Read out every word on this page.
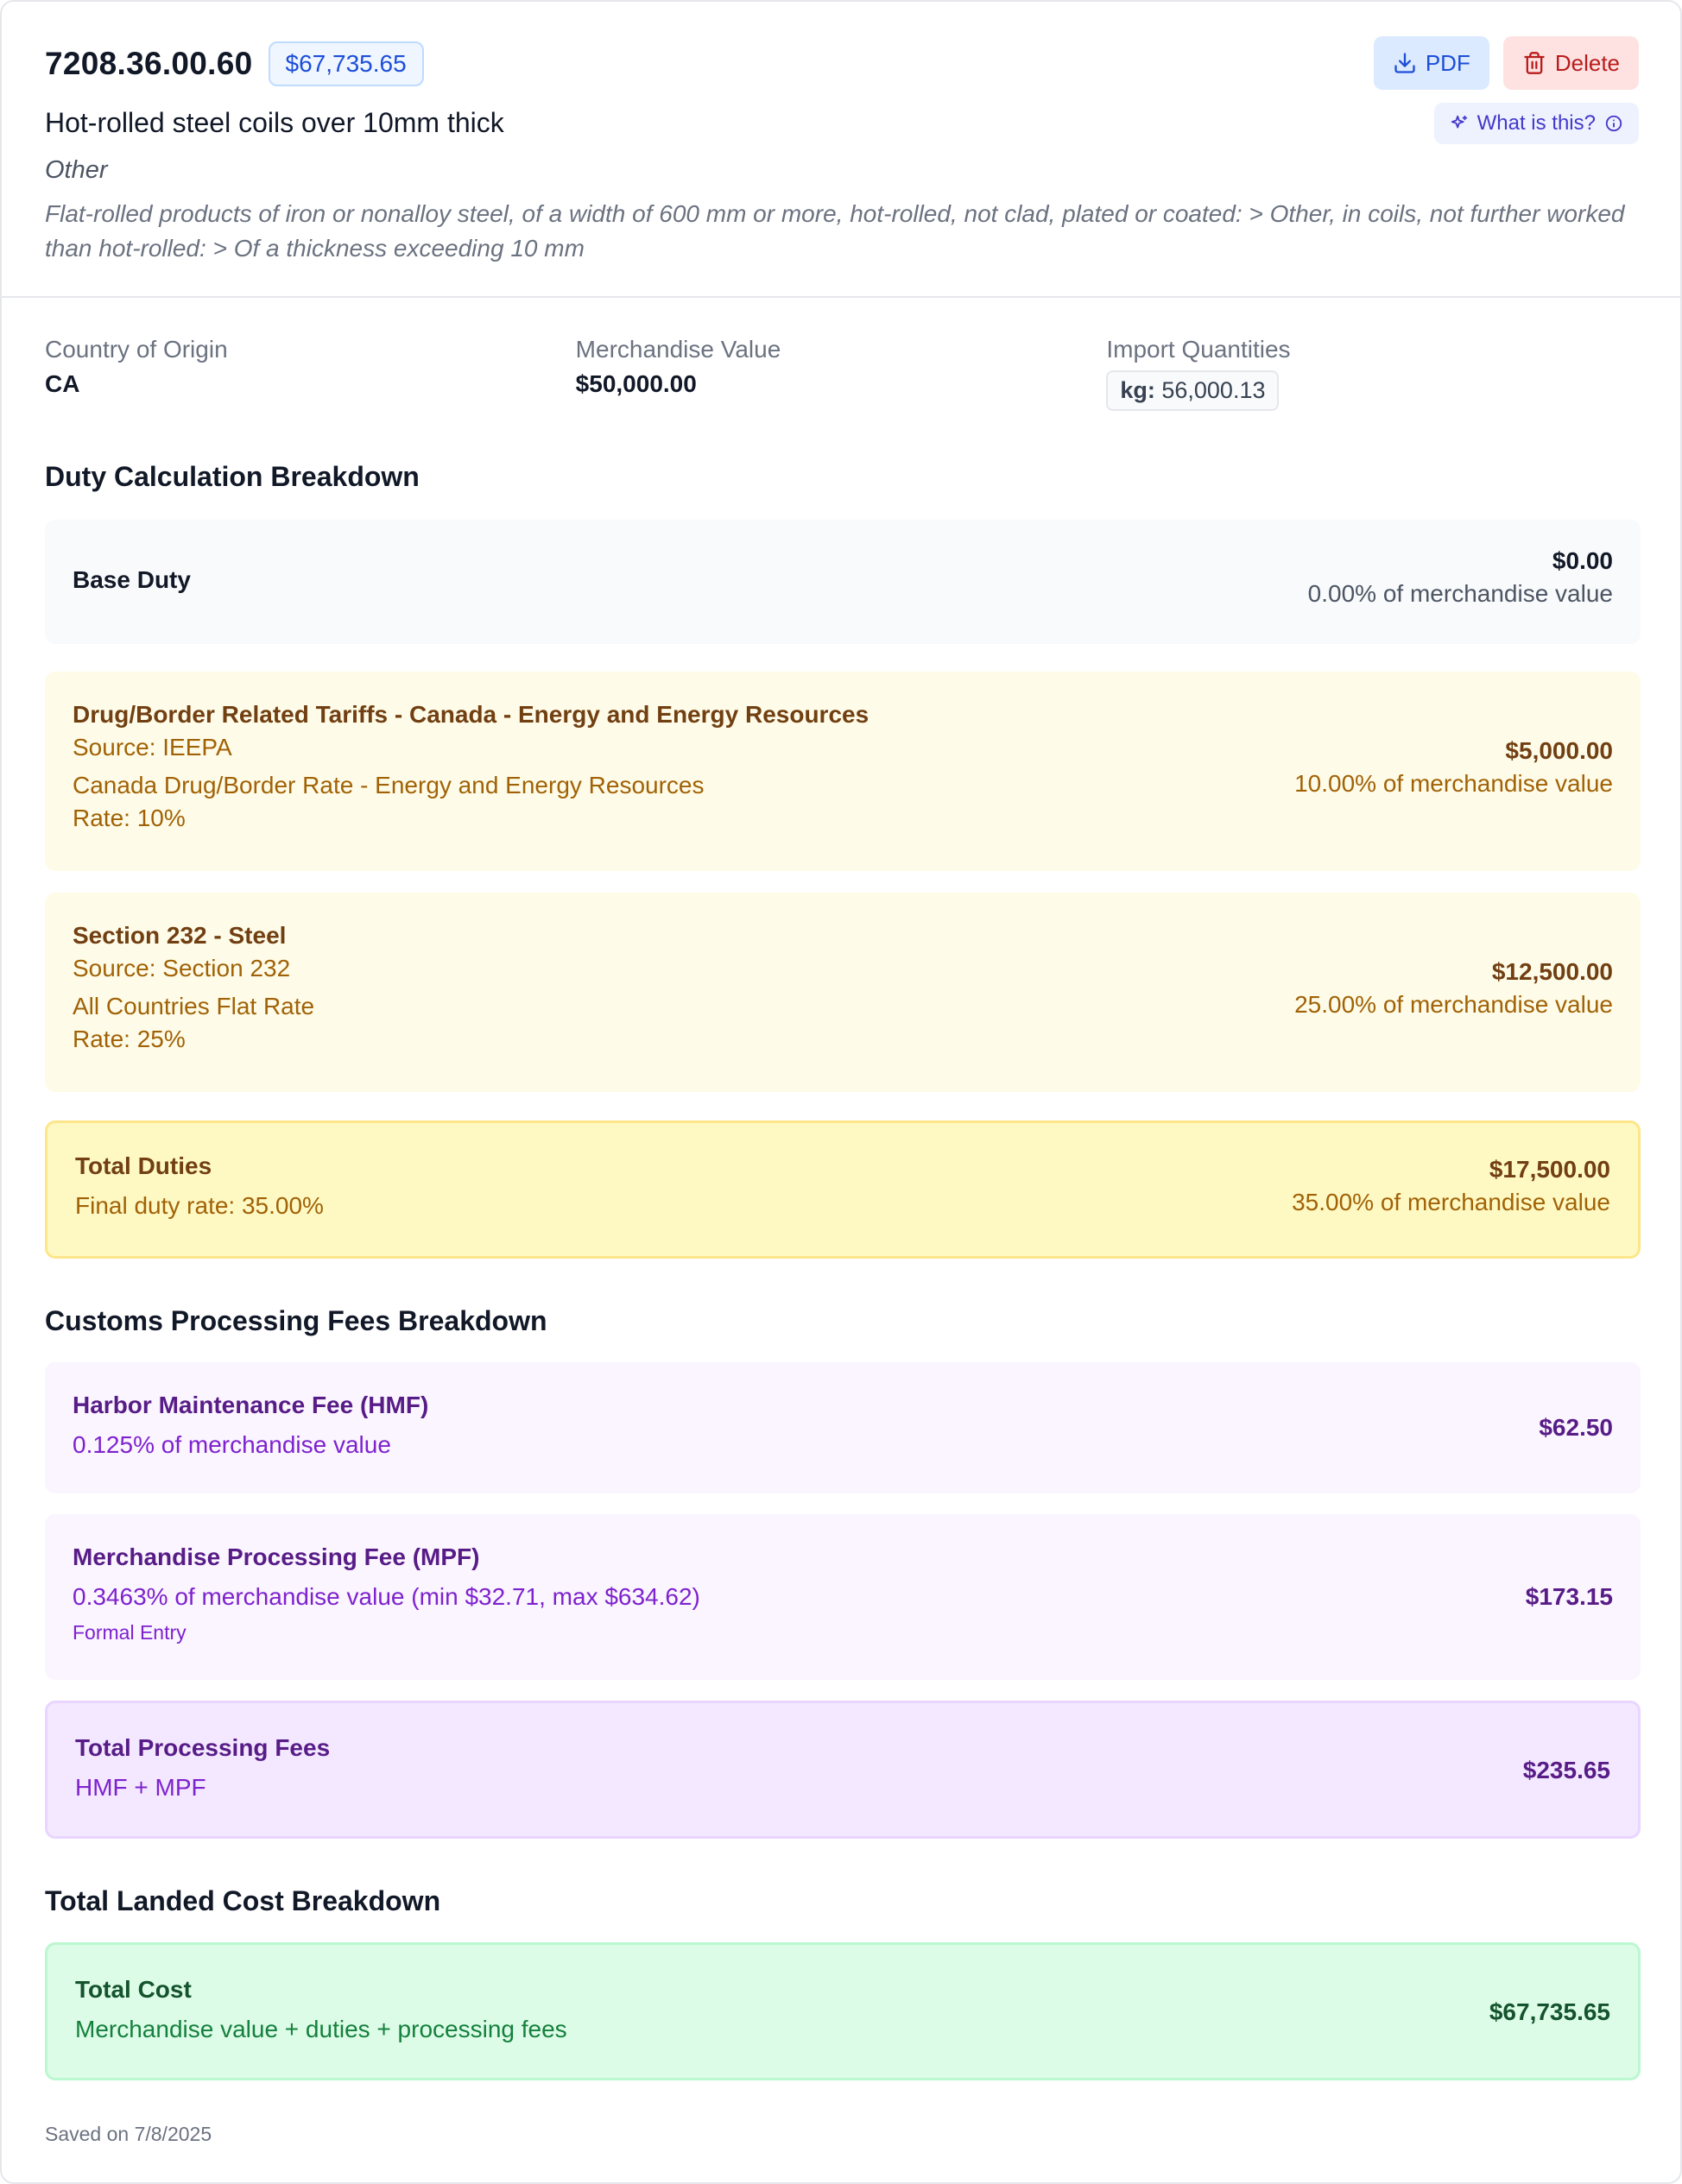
7208.36.00.60	$67,735.65
Hot-rolled steel coils over 10mm thick
Other
Flat-rolled products of iron or nonalloy steel, of a width of 600 mm or more, hot-rolled, not clad, plated or coated: > Other, in coils, not further worked than hot-rolled: > Of a thickness exceeding 10 mm
PDF	Delete
What is this?
Country of Origin
CA
Merchandise Value
$50,000.00
Import Quantities
kg: 56,000.13
Duty Calculation Breakdown
Base Duty
$0.00
0.00% of merchandise value
Drug/Border Related Tariffs - Canada - Energy and Energy Resources
Source: IEEPA
Canada Drug/Border Rate - Energy and Energy Resources
Rate: 10%
$5,000.00
10.00% of merchandise value
Section 232 - Steel
Source: Section 232
All Countries Flat Rate
Rate: 25%
$12,500.00
25.00% of merchandise value
Total Duties
Final duty rate: 35.00%
$17,500.00
35.00% of merchandise value
Customs Processing Fees Breakdown
Harbor Maintenance Fee (HMF)
0.125% of merchandise value
$62.50
Merchandise Processing Fee (MPF)
0.3463% of merchandise value (min $32.71, max $634.62)
Formal Entry
$173.15
Total Processing Fees
HMF + MPF
$235.65
Total Landed Cost Breakdown
Total Cost
Merchandise value + duties + processing fees
$67,735.65
Saved on 7/8/2025
